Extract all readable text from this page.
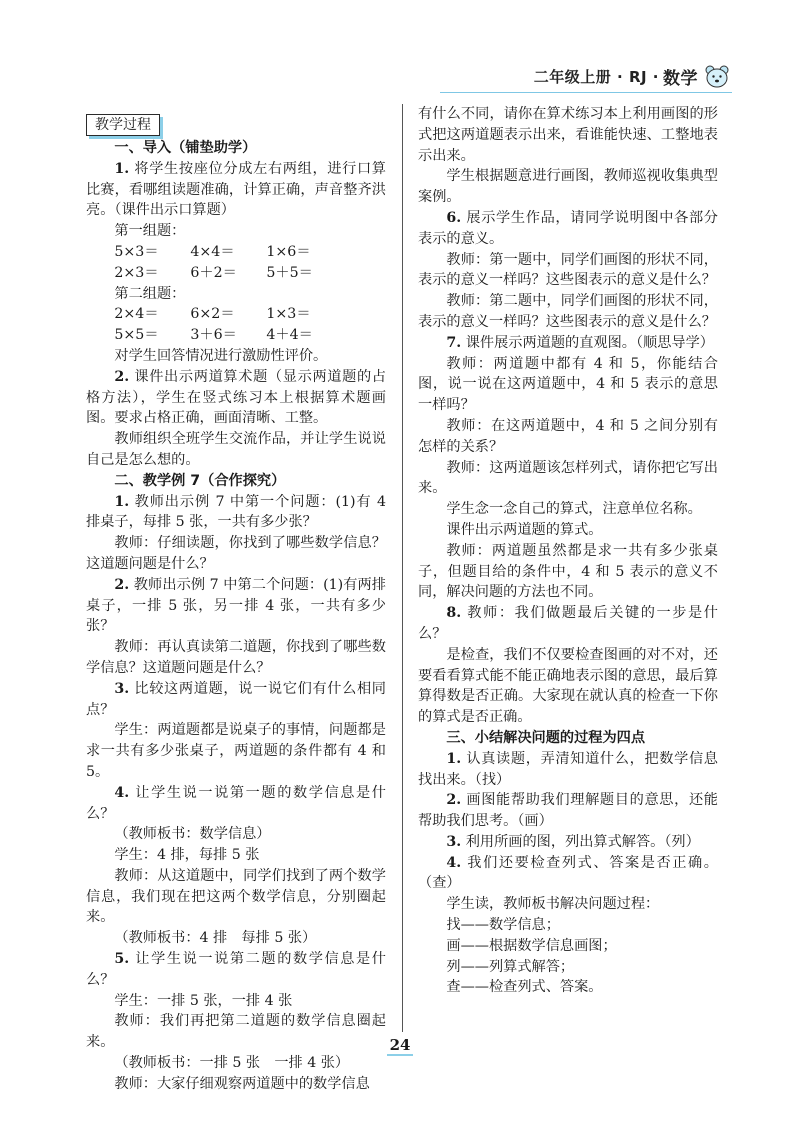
二年级上册 · RJ · 数学
教学过程

一、导入（铺垫助学）

1. 将学生按座位分成左右两组，进行口算比赛，看哪组读题准确，计算正确，声音整齐洪亮。（课件出示口算题）

第一组题：

5×3＝	4×4＝	1×6＝
2×3＝	6＋2＝	5＋5＝

第二组题：

2×4＝	6×2＝	1×3＝
5×5＝	3＋6＝	4＋4＝

对学生回答情况进行激励性评价。

2. 课件出示两道算术题（显示两道题的占格方法），学生在竖式练习本上根据算术题画图。要求占格正确，画面清晰、工整。

教师组织全班学生交流作品，并让学生说说自己是怎么想的。

二、教学例 7（合作探究）

1. 教师出示例 7 中第一个问题：(1)有 4 排桌子，每排 5 张，一共有多少张？

教师：仔细读题，你找到了哪些数学信息？这道题问题是什么？

2. 教师出示例 7 中第二个问题：(1)有两排桌子，一排 5 张，另一排 4 张，一共有多少张？

教师：再认真读第二道题，你找到了哪些数学信息？这道题问题是什么？

3. 比较这两道题，说一说它们有什么相同点？

学生：两道题都是说桌子的事情，问题都是求一共有多少张桌子，两道题的条件都有 4 和 5。

4. 让学生说一说第一题的数学信息是什么？

（教师板书：数学信息）

学生：4 排，每排 5 张

教师：从这道题中，同学们找到了两个数学信息，我们现在把这两个数学信息，分别圈起来。

（教师板书：4 排　每排 5 张）

5. 让学生说一说第二题的数学信息是什么？

学生：一排 5 张，一排 4 张

教师：我们再把第二道题的数学信息圈起来。

（教师板书：一排 5 张　一排 4 张）

教师：大家仔细观察两道题中的数学信息

有什么不同，请你在算术练习本上利用画图的形式把这两道题表示出来，看谁能快速、工整地表示出来。

学生根据题意进行画图，教师巡视收集典型案例。

6. 展示学生作品，请同学说明图中各部分表示的意义。

教师：第一题中，同学们画图的形状不同，表示的意义一样吗？这些图表示的意义是什么？

教师：第二题中，同学们画图的形状不同，表示的意义一样吗？这些图表示的意义是什么？

7. 课件展示两道题的直观图。（顺思导学）

教师：两道题中都有 4 和 5，你能结合图，说一说在这两道题中，4 和 5 表示的意思一样吗？

教师：在这两道题中，4 和 5 之间分别有怎样的关系？

教师：这两道题该怎样列式，请你把它写出来。

学生念一念自己的算式，注意单位名称。

课件出示两道题的算式。

教师：两道题虽然都是求一共有多少张桌子，但题目给的条件中，4 和 5 表示的意义不同，解决问题的方法也不同。

8. 教师：我们做题最后关键的一步是什么？

是检查，我们不仅要检查图画的对不对，还要看看算式能不能正确地表示图的意思，最后算算得数是否正确。大家现在就认真的检查一下你的算式是否正确。

三、小结解决问题的过程为四点

1. 认真读题，弄清知道什么，把数学信息找出来。（找）

2. 画图能帮助我们理解题目的意思，还能帮助我们思考。（画）

3. 利用所画的图，列出算式解答。（列）

4. 我们还要检查列式、答案是否正确。（查）

学生读，教师板书解决问题过程：

找——数学信息；

画——根据数学信息画图；

列——列算式解答；

查——检查列式、答案。

24
